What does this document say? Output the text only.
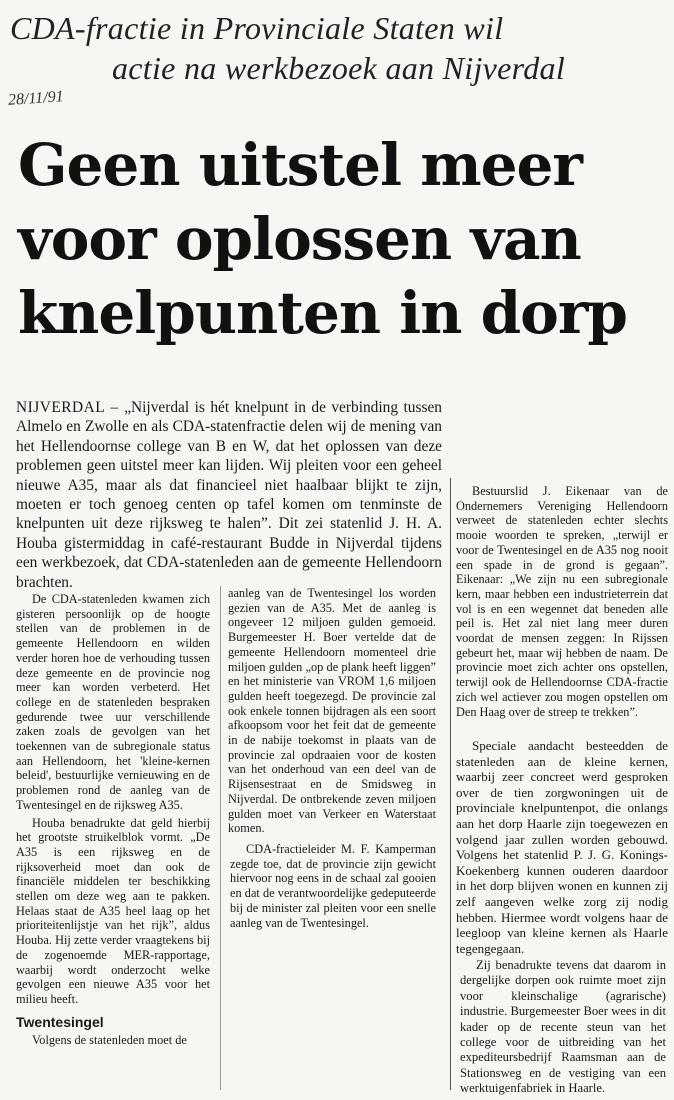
CDA-fractie in Provinciale Staten wil
actie na werkbezoek aan Nijverdal
28/11/91
Geen uitstel meer
voor oplossen van
knelpunten in dorp
NIJVERDAL – „Nijverdal is hét knelpunt in de verbinding tussen Almelo en Zwolle en als CDA-statenfractie delen wij de mening van het Hellendoornse college van B en W, dat het oplossen van deze problemen geen uitstel meer kan lijden. Wij pleiten voor een geheel nieuwe A35, maar als dat financieel niet haalbaar blijkt te zijn, moeten er toch genoeg centen op tafel komen om tenminste de knelpunten uit deze rijksweg te halen”. Dit zei statenlid J. H. A. Houba gistermiddag in café-restaurant Budde in Nijverdal tijdens een werkbezoek, dat CDA-statenleden aan de gemeente Hellendoorn brachten.

De CDA-statenleden kwamen zich gisteren persoonlijk op de hoogte stellen van de problemen in de gemeente Hellendoorn en wilden verder horen hoe de verhouding tussen deze gemeente en de provincie nog meer kan worden verbeterd. Het college en de statenleden bespraken gedurende twee uur verschillende zaken zoals de gevolgen van het toekennen van de subregionale status aan Hellendoorn, het 'kleine-kernen beleid', bestuurlijke vernieuwing en de problemen rond de aanleg van de Twentesingel en de rijksweg A35.

Houba benadrukte dat geld hierbij het grootste struikelblok vormt. „De A35 is een rijksweg en de rijksoverheid moet dan ook de financiële middelen ter beschikking stellen om deze weg aan te pakken. Helaas staat de A35 heel laag op het prioriteitenlijstje van het rijk”, aldus Houba. Hij zette verder vraagtekens bij de zogenoemde MER-rapportage, waarbij wordt onderzocht welke gevolgen een nieuwe A35 voor het milieu heeft.

Twentesingel

Volgens de statenleden moet de

aanleg van de Twentesingel los worden gezien van de A35. Met de aanleg is ongeveer 12 miljoen gulden gemoeid. Burgemeester H. Boer vertelde dat de gemeente Hellendoorn momenteel drie miljoen gulden „op de plank heeft liggen” en het ministerie van VROM 1,6 miljoen gulden heeft toegezegd. De provincie zal ook enkele tonnen bijdragen als een soort afkoopsom voor het feit dat de gemeente in de nabije toekomst in plaats van de provincie zal opdraaien voor de kosten van het onderhoud van een deel van de Rijsensestraat en de Smidsweg in Nijverdal. De ontbrekende zeven miljoen gulden moet van Verkeer en Waterstaat komen.

CDA-fractieleider M. F. Kamperman zegde toe, dat de provincie zijn gewicht hiervoor nog eens in de schaal zal gooien en dat de verantwoordelijke gedeputeerde bij de minister zal pleiten voor een snelle aanleg van de Twentesingel.

Bestuurslid J. Eikenaar van de Ondernemers Vereniging Hellendoorn verweet de statenleden echter slechts mooie woorden te spreken, „terwijl er voor de Twentesingel en de A35 nog nooit een spade in de grond is gegaan”. Eikenaar: „We zijn nu een subregionale kern, maar hebben een industrieterrein dat vol is en een wegennet dat beneden alle peil is. Het zal niet lang meer duren voordat de mensen zeggen: In Rijssen gebeurt het, maar wij hebben de naam. De provincie moet zich achter ons opstellen, terwijl ook de Hellendoornse CDA-fractie zich wel actiever zou mogen opstellen om Den Haag over de streep te trekken”.

Speciale aandacht besteedden de statenleden aan de kleine kernen, waarbij zeer concreet werd gesproken over de tien zorgwoningen uit de provinciale knelpuntenpot, die onlangs aan het dorp Haarle zijn toegewezen en volgend jaar zullen worden gebouwd. Volgens het statenlid P. J. G. Konings-Koekenberg kunnen ouderen daardoor in het dorp blijven wonen en kunnen zij zelf aangeven welke zorg zij nodig hebben. Hiermee wordt volgens haar de leegloop van kleine kernen als Haarle tegengegaan.

Zij benadrukte tevens dat daarom in dergelijke dorpen ook ruimte moet zijn voor kleinschalige (agrarische) industrie. Burgemeester Boer wees in dit kader op de recente steun van het college voor de uitbreiding van het expediteursbedrijf Raamsman aan de Stationsweg en de vestiging van een werktuigenfabriek in Haarle.
